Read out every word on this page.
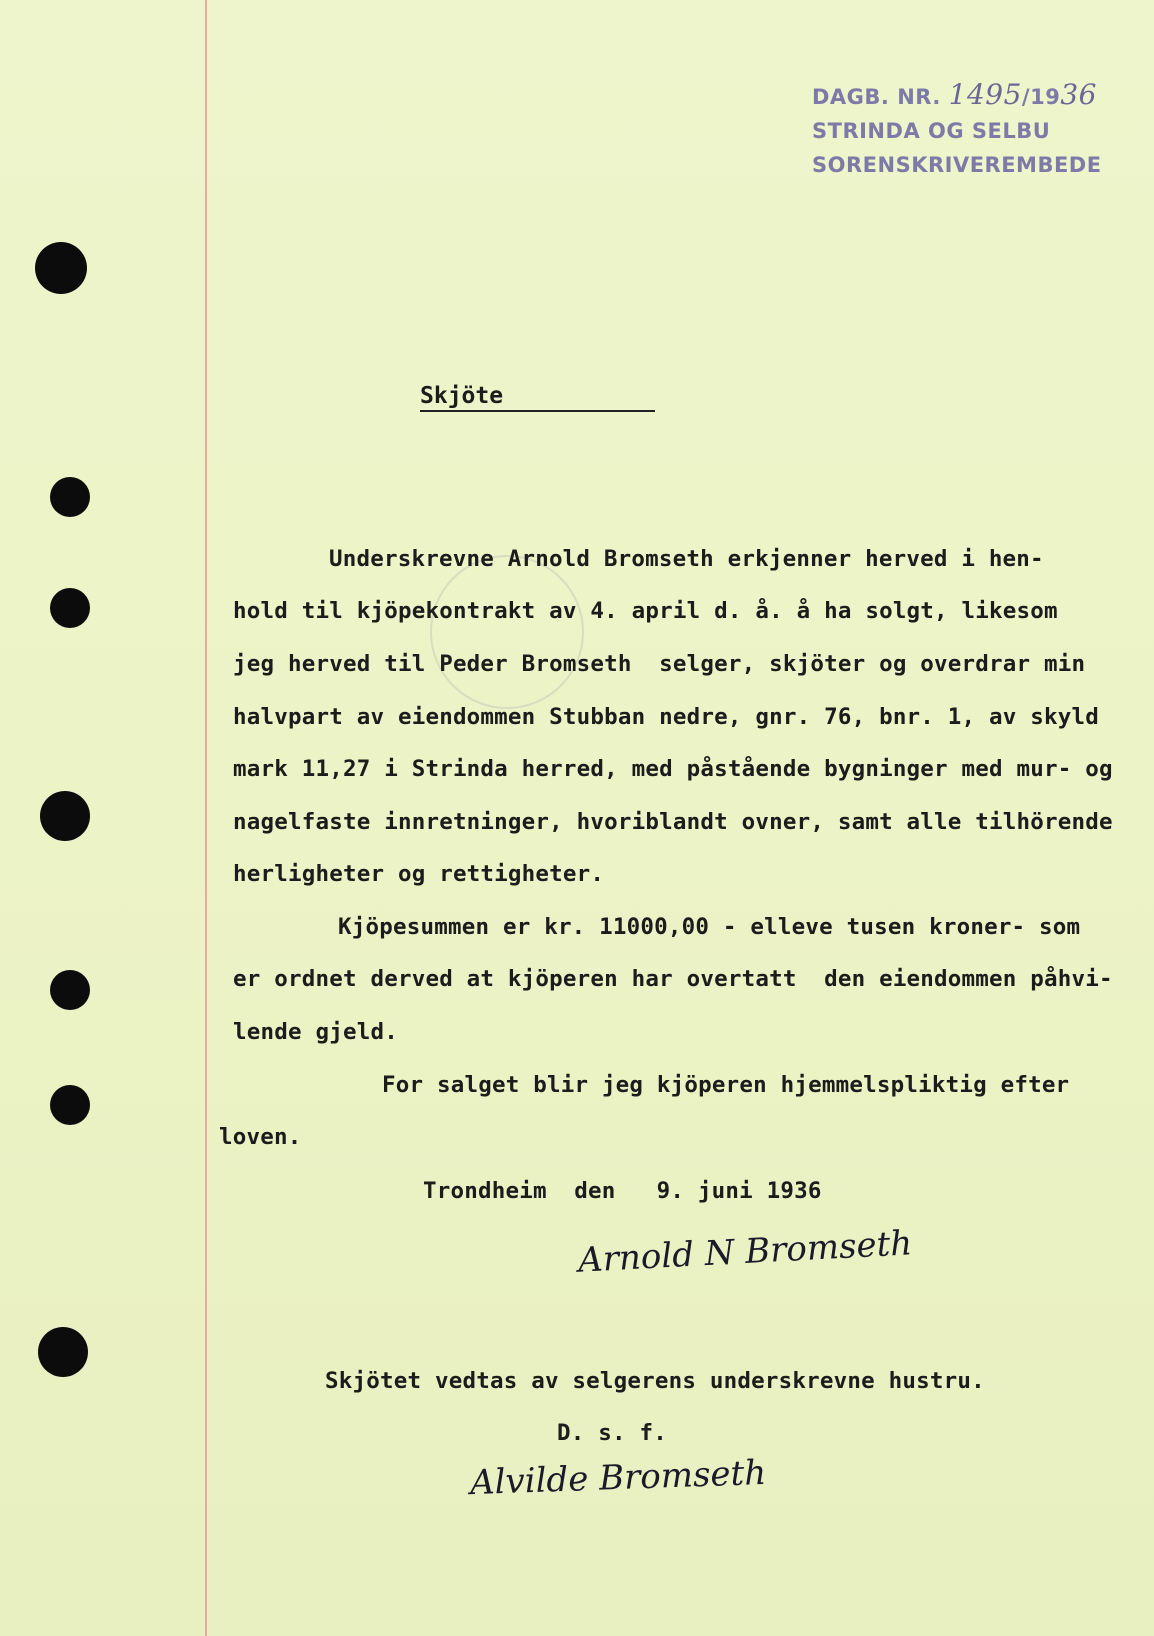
DAGB. NR. 1495/1936
STRINDA OG SELBU
SORENSKRIVEREMBEDE
Skjöte
Underskrevne Arnold Bromseth erkjenner herved i hen-
hold til kjöpekontrakt av 4. april d. å. å ha solgt, likesom
jeg herved til Peder Bromseth  selger, skjöter og overdrar min
halvpart av eiendommen Stubban nedre, gnr. 76, bnr. 1, av skyld
mark 11,27 i Strinda herred, med påstående bygninger med mur- og
nagelfaste innretninger, hvoriblandt ovner, samt alle tilhörende
herligheter og rettigheter.
Kjöpesummen er kr. 11000,00 - elleve tusen kroner- som
er ordnet derved at kjöperen har overtatt  den eiendommen påhvi-
lende gjeld.
For salget blir jeg kjöperen hjemmelspliktig efter
loven.
Trondheim  den   9. juni 1936
Arnold N Bromseth
Skjötet vedtas av selgerens underskrevne hustru.
D. s. f.
Alvilde Bromseth
